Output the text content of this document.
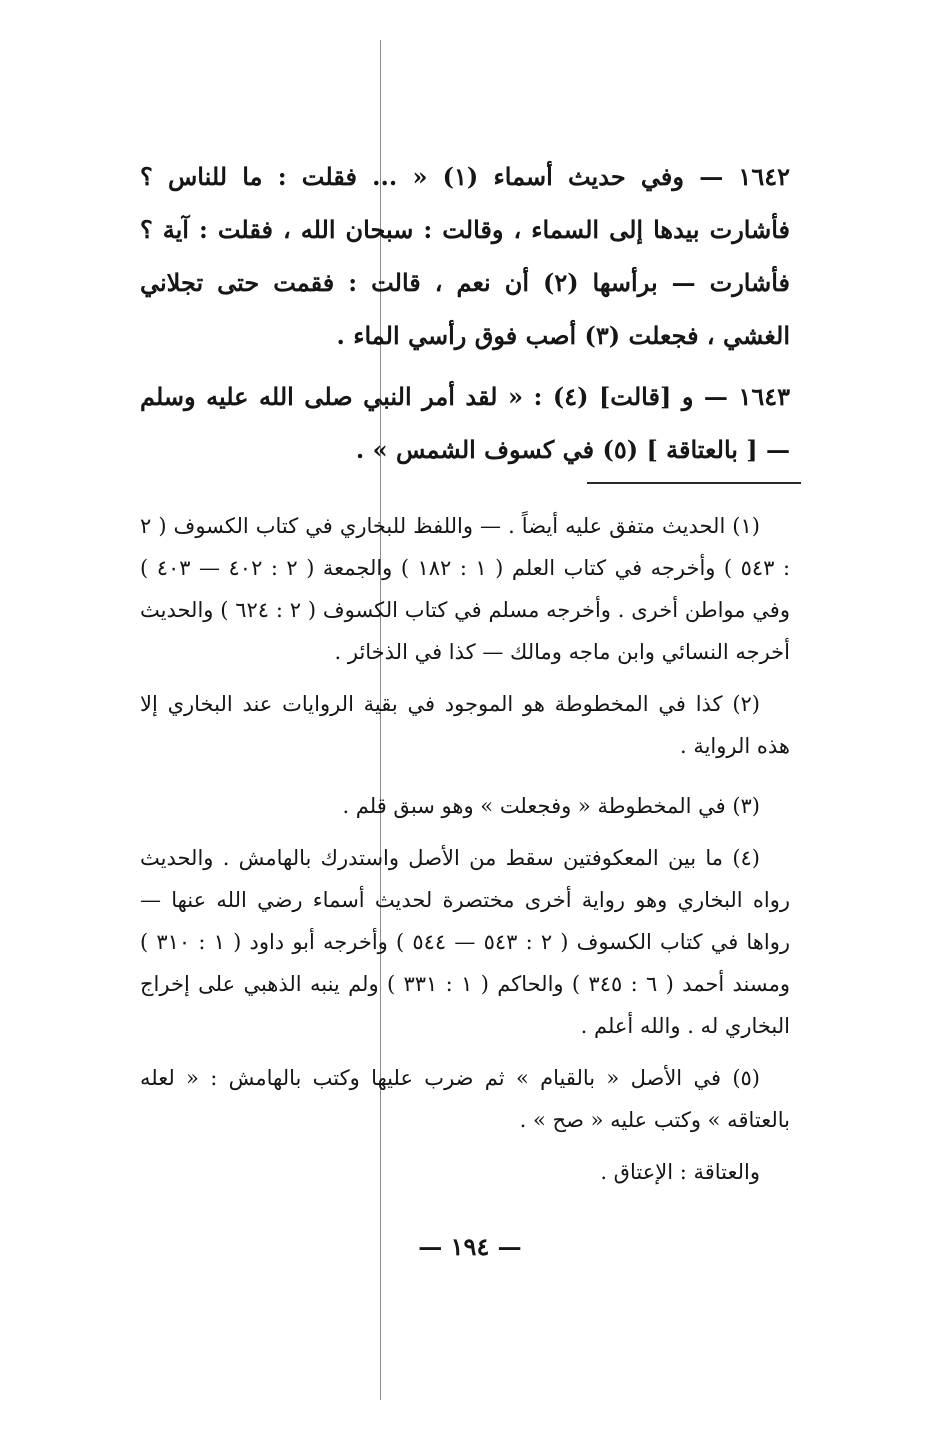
١٦٤٢ — وفي حديث أسماء (١) « ... فقلت : ما للناس ؟ فأشارت بيدها إلى السماء ، وقالت : سبحان الله ، فقلت : آية ؟ فأشارت — برأسها (٢) أن نعم ، قالت : فقمت حتى تجلاني الغشي ، فجعلت (٣) أصب فوق رأسي الماء .

١٦٤٣ — و [قالت] (٤) : « لقد أمر النبي صلى الله عليه وسلم — [ بالعتاقة ] (٥) في كسوف الشمس » .

(١) الحديث متفق عليه أيضاً . — واللفظ للبخاري في كتاب الكسوف ( ٢ : ٥٤٣ ) وأخرجه في كتاب العلم ( ١ : ١٨٢ ) والجمعة ( ٢ : ٤٠٢ — ٤٠٣ ) وفي مواطن أخرى . وأخرجه مسلم في كتاب الكسوف ( ٢ : ٦٢٤ ) والحديث أخرجه النسائي وابن ماجه ومالك — كذا في الذخائر .

(٢) كذا في المخطوطة هو الموجود في بقية الروايات عند البخاري إلا هذه الرواية .

(٣) في المخطوطة « وفجعلت » وهو سبق قلم .

(٤) ما بين المعكوفتين سقط من الأصل واستدرك بالهامش . والحديث رواه البخاري وهو رواية أخرى مختصرة لحديث أسماء رضي الله عنها — رواها في كتاب الكسوف ( ٢ : ٥٤٣ — ٥٤٤ ) وأخرجه أبو داود ( ١ : ٣١٠ ) ومسند أحمد ( ٦ : ٣٤٥ ) والحاكم ( ١ : ٣٣١ ) ولم ينبه الذهبي على إخراج البخاري له . والله أعلم .

(٥) في الأصل « بالقيام » ثم ضرب عليها وكتب بالهامش : « لعله بالعتاقه » وكتب عليه « صح » .

والعتاقة : الإعتاق .

— ١٩٤ —
